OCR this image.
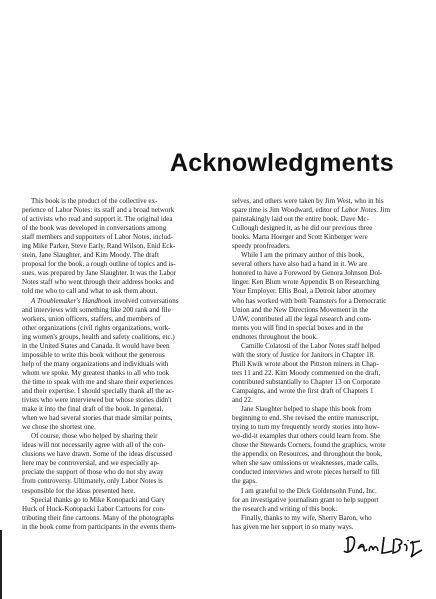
Acknowledgments
This book is the product of the collective ex-
perience of Labor Notes: its staff and a broad network
of activists who read and support it. The original idea
of the book was developed in conversations among
staff members and supporters of Labor Notes, includ-
ing Mike Parker, Steve Early, Rand Wilson, Enid Eck-
stein, Jane Slaughter, and Kim Moody. The draft
proposal for the book, a rough outline of topics and is-
sues, was prepared by Jane Slaughter. It was the Labor
Notes staff who went through their address books and
told me who to call and what to ask them about.
A Troublemaker's Handbook involved conversations
and interviews with something like 200 rank and file
workers, union officers, staffers, and members of
other organizations (civil rights organizations, work-
ing women's groups, health and safety coalitions, etc.)
in the United States and Canada. It would have been
impossible to write this book without the generous
help of the many organizations and individuals with
whom we spoke. My greatest thanks to all who took
the time to speak with me and share their experiences
and their expertise. I should specially thank all the ac-
tivists who were interviewed but whose stories didn't
make it into the final draft of the book. In general,
when we had several stories that made similar points,
we chose the shortest one.
Of course, those who helped by sharing their
ideas will not necessarily agree with all of the con-
clusions we have drawn. Some of the ideas discussed
here may be controversial, and we especially ap-
preciate the support of those who do not shy away
from controversy. Ultimately, only Labor Notes is
responsible for the ideas presented here.
Special thanks go to Mike Konopacki and Gary
Huck of Huck-Konopacki Labor Cartoons for con-
tributing their fine cartoons. Many of the photographs
in the book come from participants in the events them-
selves, and others were taken by Jim West, who in his
spare time is Jim Woodward, editor of Labor Notes. Jim
painstakingly laid out the entire book. Dave Mc-
Cullough designed it, as he did our previous three
books. Marta Hoerger and Scott Kinberger were
speedy proofreaders.
While I am the primary author of this book,
several others have also had a hand in it. We are
honored to have a Foreword by Genora Johnson Dol-
linger. Ken Blum wrote Appendix B on Researching
Your Employer. Ellis Boal, a Detroit labor attorney
who has worked with both Teamsters for a Democratic
Union and the New Directions Movement in the
UAW, contributed all the legal research and com-
ments you will find in special boxes and in the
endnotes throughout the book.
Camille Colatosti of the Labor Notes staff helped
with the story of Justice for Janitors in Chapter 18.
Phill Kwik wrote about the Pittston miners in Chap-
ters 11 and 22. Kim Moody commented on the draft,
contributed substantially to Chapter 13 on Corporate
Campaigns, and wrote the first draft of Chapters 1
and 22.
Jane Slaughter helped to shape this book from
beginning to end. She revised the entire manuscript,
trying to turn my frequently wordy stories into how-
we-did-it examples that others could learn from. She
chose the Stewards Corners, found the graphics, wrote
the appendix on Resources, and throughout the book,
when she saw omissions or weaknesses, made calls,
conducted interviews and wrote pieces herself to fill
the gaps.
I am grateful to the Dick Goldensohn Fund, Inc.
for an investigative journalism grant to help support
the research and writing of this book.
Finally, thanks to my wife, Sherry Baron, who
has given me her support in so many ways.
